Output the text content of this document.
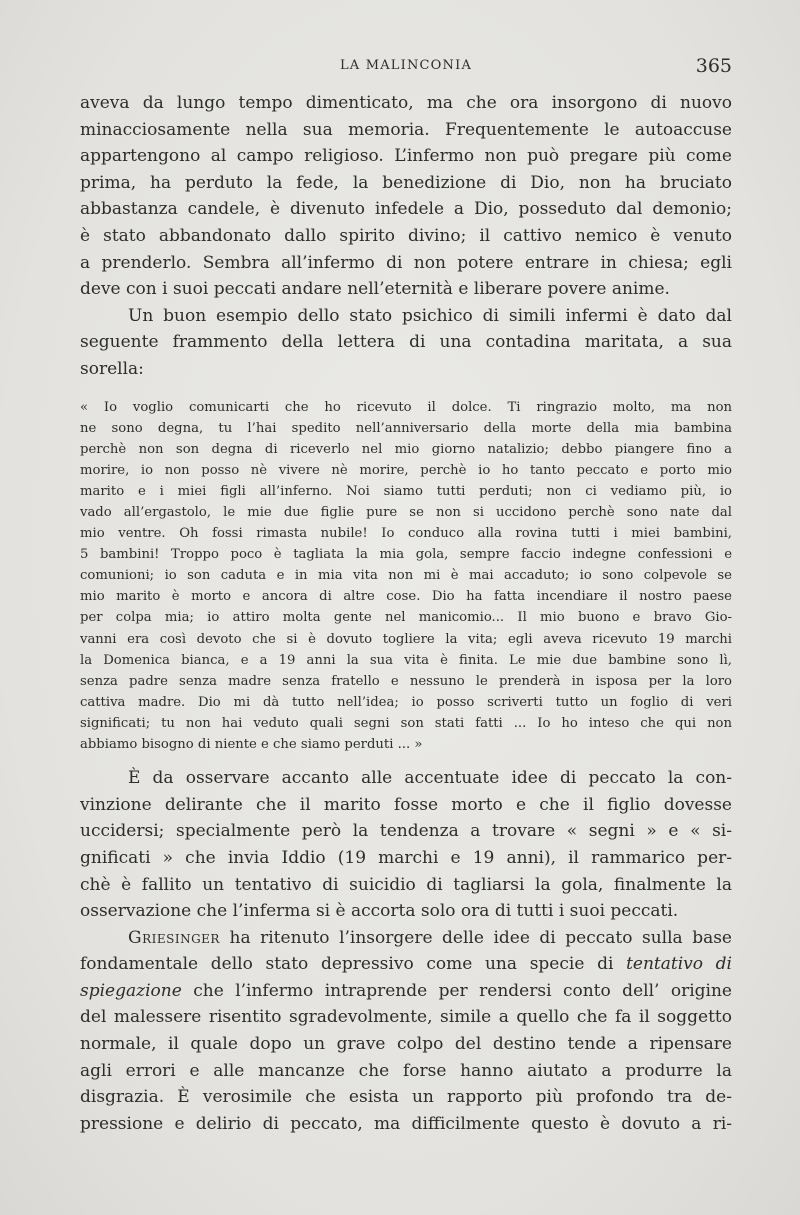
LA MALINCONIA	365
aveva da lungo tempo dimenticato, ma che ora insorgono di nuovo
minacciosamente nella sua memoria. Frequentemente le autoaccuse
appartengono al campo religioso. L’infermo non può pregare più come
prima, ha perduto la fede, la benedizione di Dio, non ha bruciato
abbastanza candele, è divenuto infedele a Dio, posseduto dal demonio;
è stato abbandonato dallo spirito divino; il cattivo nemico è venuto
a prenderlo. Sembra all’infermo di non potere entrare in chiesa; egli
deve con i suoi peccati andare nell’eternità e liberare povere anime.
Un buon esempio dello stato psichico di simili infermi è dato dal
seguente frammento della lettera di una contadina maritata, a sua
sorella:
« Io voglio comunicarti che ho ricevuto il dolce. Ti ringrazio molto, ma non
ne sono degna, tu l’hai spedito nell’anniversario della morte della mia bambina
perchè non son degna di riceverlo nel mio giorno natalizio; debbo piangere fino a
morire, io non posso nè vivere nè morire, perchè io ho tanto peccato e porto mio
marito e i miei figli all’inferno. Noi siamo tutti perduti; non ci vediamo più, io
vado all’ergastolo, le mie due figlie pure se non si uccidono perchè sono nate dal
mio ventre. Oh fossi rimasta nubile! Io conduco alla rovina tutti i miei bambini,
5 bambini! Troppo poco è tagliata la mia gola, sempre faccio indegne confessioni e
comunioni; io son caduta e in mia vita non mi è mai accaduto; io sono colpevole se
mio marito è morto e ancora di altre cose. Dio ha fatta incendiare il nostro paese
per colpa mia; io attiro molta gente nel manicomio... Il mio buono e bravo Gio-
vanni era così devoto che si è dovuto togliere la vita; egli aveva ricevuto 19 marchi
la Domenica bianca, e a 19 anni la sua vita è finita. Le mie due bambine sono lì,
senza padre senza madre senza fratello e nessuno le prenderà in isposa per la loro
cattiva madre. Dio mi dà tutto nell’idea; io posso scriverti tutto un foglio di veri
significati; tu non hai veduto quali segni son stati fatti ... Io ho inteso che qui non
abbiamo bisogno di niente e che siamo perduti ... »
È da osservare accanto alle accentuate idee di peccato la con-
vinzione delirante che il marito fosse morto e che il figlio dovesse
uccidersi; specialmente però la tendenza a trovare « segni » e « si-
gnificati » che invia Iddio (19 marchi e 19 anni), il rammarico per-
chè è fallito un tentativo di suicidio di tagliarsi la gola, finalmente la
osservazione che l’inferma si è accorta solo ora di tutti i suoi peccati.
Griesinger ha ritenuto l’insorgere delle idee di peccato sulla base
fondamentale dello stato depressivo come una specie di tentativo di
spiegazione che l’infermo intraprende per rendersi conto dell’ origine
del malessere risentito sgradevolmente, simile a quello che fa il soggetto
normale, il quale dopo un grave colpo del destino tende a ripensare
agli errori e alle mancanze che forse hanno aiutato a produrre la
disgrazia. È verosimile che esista un rapporto più profondo tra de-
pressione e delirio di peccato, ma difficilmente questo è dovuto a ri-
